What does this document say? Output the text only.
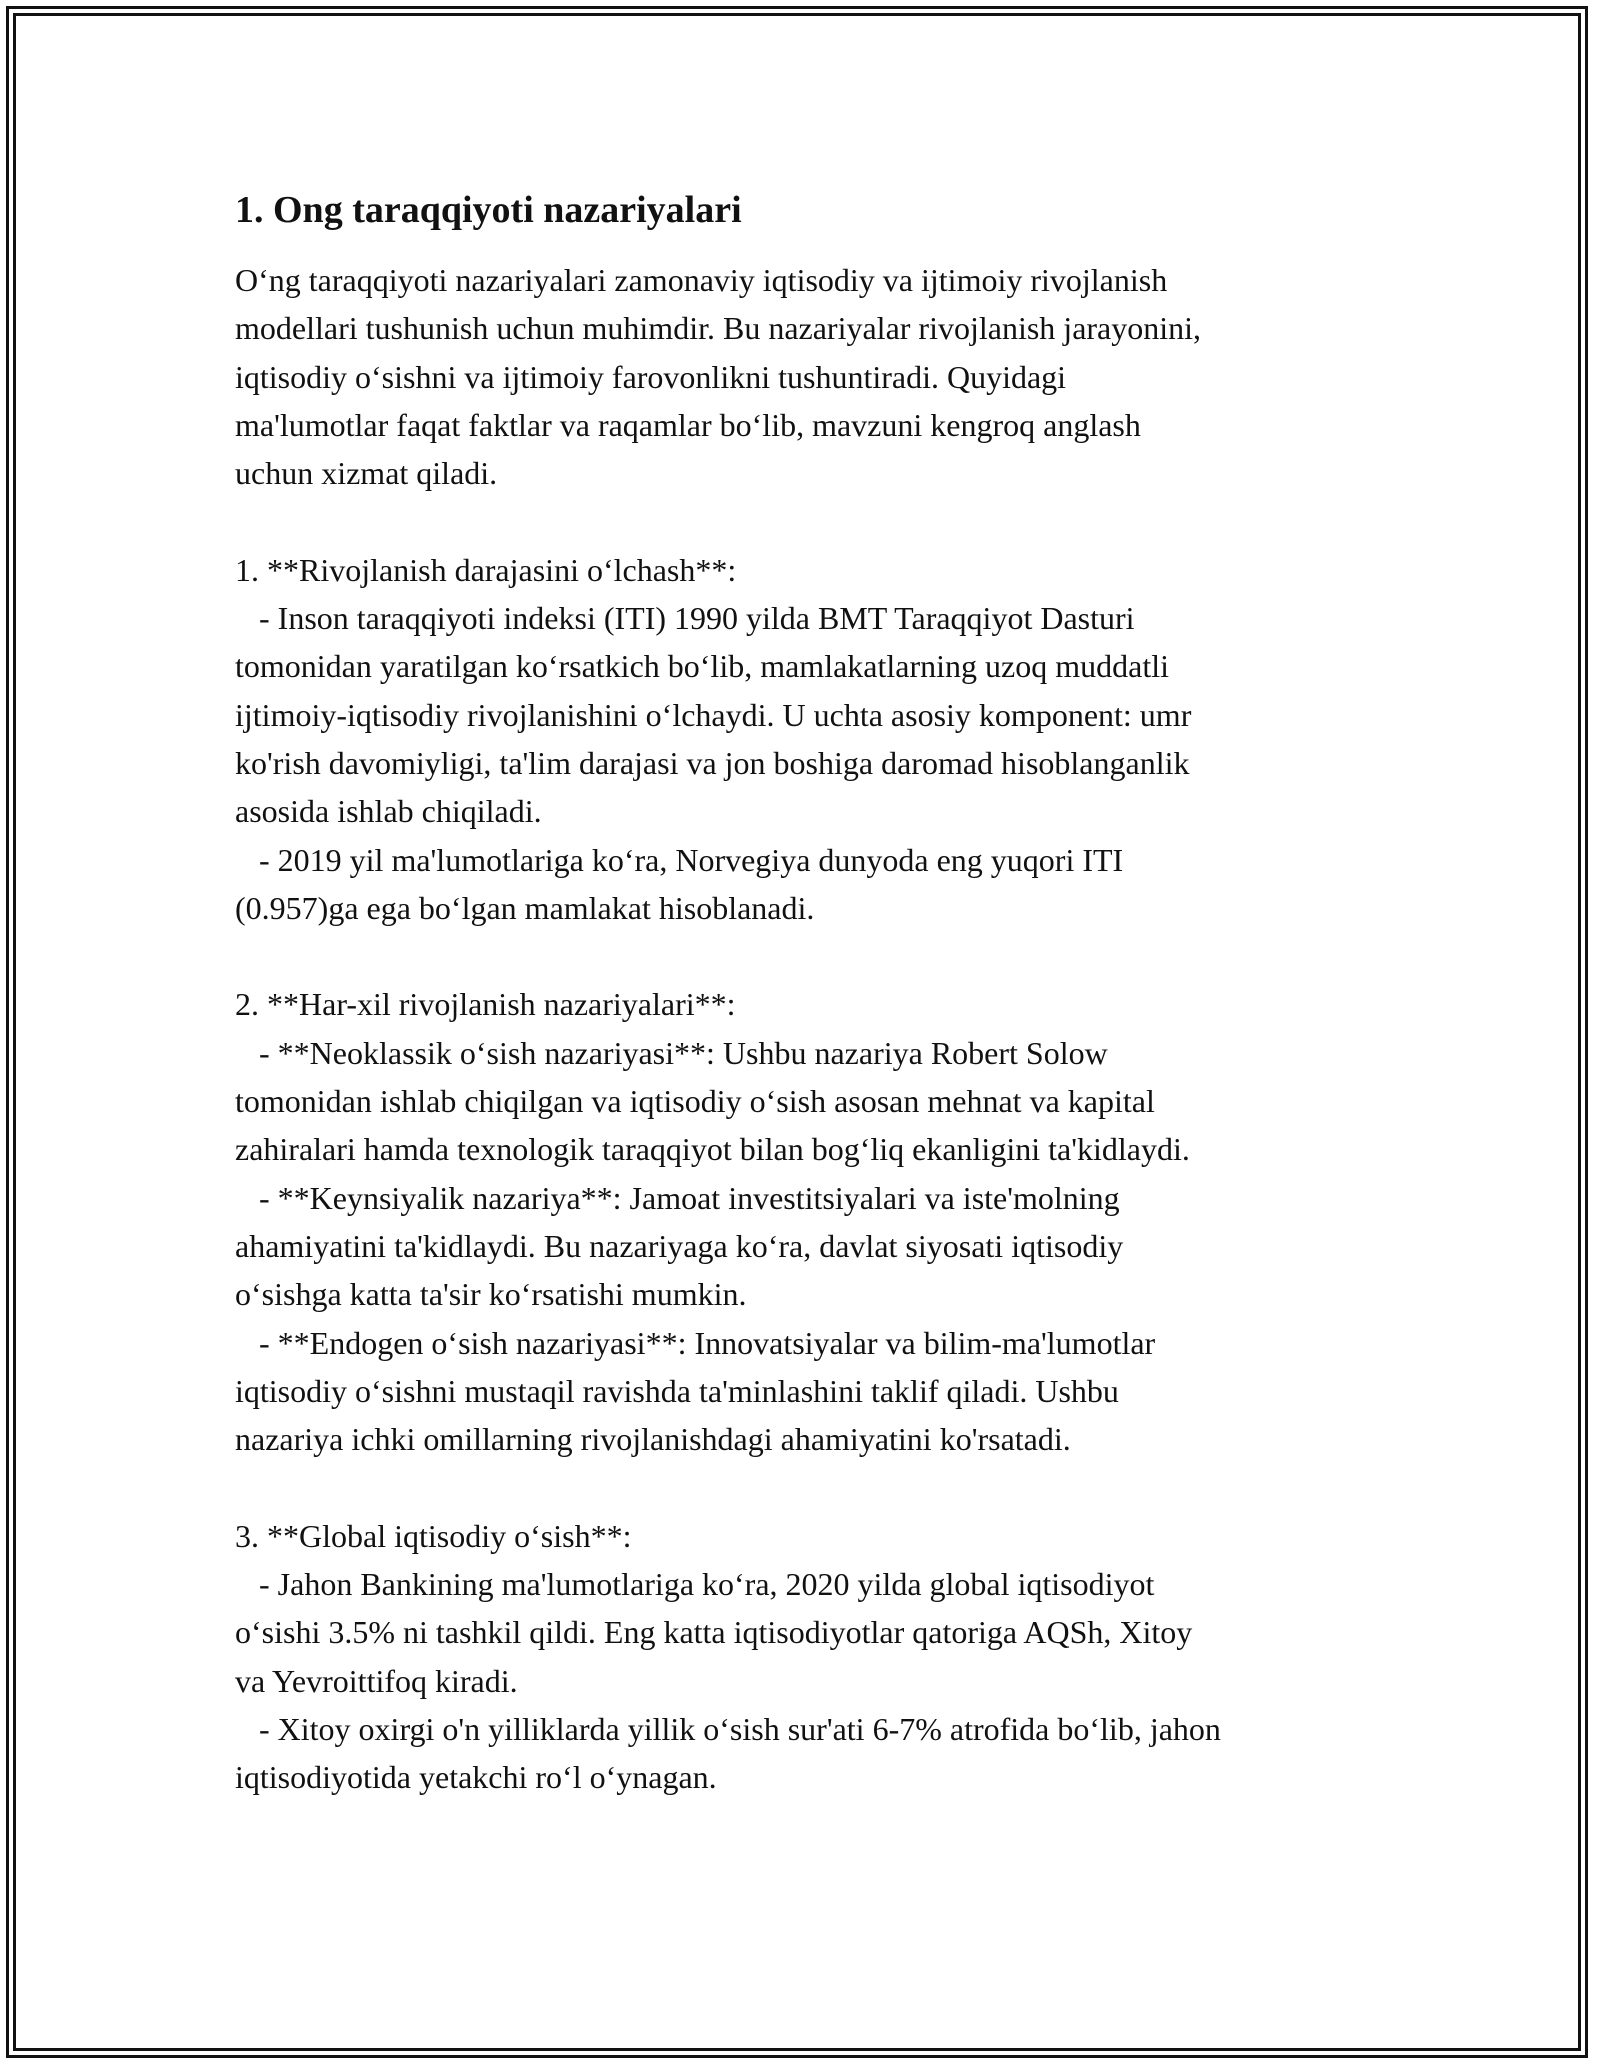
1. Ong taraqqiyoti nazariyalari

O‘ng taraqqiyoti nazariyalari zamonaviy iqtisodiy va ijtimoiy rivojlanish
modellari tushunish uchun muhimdir. Bu nazariyalar rivojlanish jarayonini,
iqtisodiy o‘sishni va ijtimoiy farovonlikni tushuntiradi. Quyidagi
ma'lumotlar faqat faktlar va raqamlar bo‘lib, mavzuni kengroq anglash
uchun xizmat qiladi.

1. **Rivojlanish darajasini o‘lchash**:
- Inson taraqqiyoti indeksi (ITI) 1990 yilda BMT Taraqqiyot Dasturi
tomonidan yaratilgan ko‘rsatkich bo‘lib, mamlakatlarning uzoq muddatli
ijtimoiy-iqtisodiy rivojlanishini o‘lchaydi. U uchta asosiy komponent: umr
ko'rish davomiyligi, ta'lim darajasi va jon boshiga daromad hisoblanganlik
asosida ishlab chiqiladi.
- 2019 yil ma'lumotlariga ko‘ra, Norvegiya dunyoda eng yuqori ITI
(0.957)ga ega bo‘lgan mamlakat hisoblanadi.

2. **Har-xil rivojlanish nazariyalari**:
- **Neoklassik o‘sish nazariyasi**: Ushbu nazariya Robert Solow
tomonidan ishlab chiqilgan va iqtisodiy o‘sish asosan mehnat va kapital
zahiralari hamda texnologik taraqqiyot bilan bog‘liq ekanligini ta'kidlaydi.
- **Keynsiyalik nazariya**: Jamoat investitsiyalari va iste'molning
ahamiyatini ta'kidlaydi. Bu nazariyaga ko‘ra, davlat siyosati iqtisodiy
o‘sishga katta ta'sir ko‘rsatishi mumkin.
- **Endogen o‘sish nazariyasi**: Innovatsiyalar va bilim-ma'lumotlar
iqtisodiy o‘sishni mustaqil ravishda ta'minlashini taklif qiladi. Ushbu
nazariya ichki omillarning rivojlanishdagi ahamiyatini ko'rsatadi.

3. **Global iqtisodiy o‘sish**:
- Jahon Bankining ma'lumotlariga ko‘ra, 2020 yilda global iqtisodiyot
o‘sishi 3.5% ni tashkil qildi. Eng katta iqtisodiyotlar qatoriga AQSh, Xitoy
va Yevroittifoq kiradi.
- Xitoy oxirgi o'n yilliklarda yillik o‘sish sur'ati 6-7% atrofida bo‘lib, jahon
iqtisodiyotida yetakchi ro‘l o‘ynagan.
